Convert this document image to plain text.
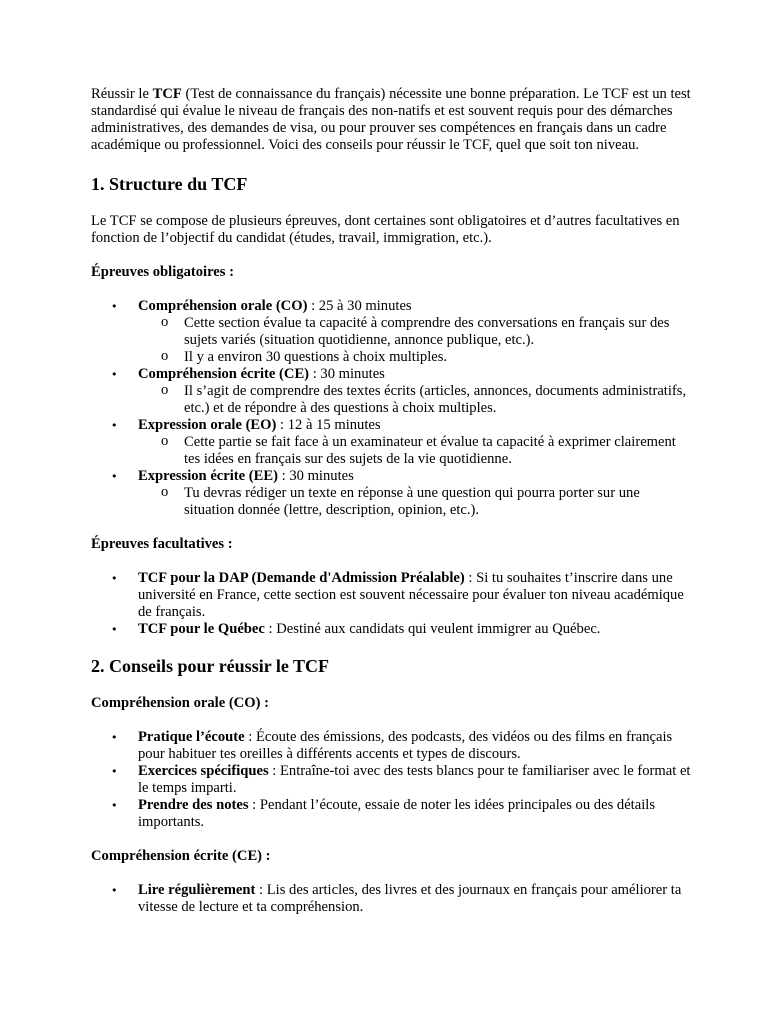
Réussir le TCF (Test de connaissance du français) nécessite une bonne préparation. Le TCF est un test standardisé qui évalue le niveau de français des non-natifs et est souvent requis pour des démarches administratives, des demandes de visa, ou pour prouver ses compétences en français dans un cadre académique ou professionnel. Voici des conseils pour réussir le TCF, quel que soit ton niveau.

1. Structure du TCF

Le TCF se compose de plusieurs épreuves, dont certaines sont obligatoires et d’autres facultatives en fonction de l’objectif du candidat (études, travail, immigration, etc.).

Épreuves obligatoires :

• Compréhension orale (CO) : 25 à 30 minutes
o Cette section évalue ta capacité à comprendre des conversations en français sur des sujets variés (situation quotidienne, annonce publique, etc.).
o Il y a environ 30 questions à choix multiples.
• Compréhension écrite (CE) : 30 minutes
o Il s’agit de comprendre des textes écrits (articles, annonces, documents administratifs, etc.) et de répondre à des questions à choix multiples.
• Expression orale (EO) : 12 à 15 minutes
o Cette partie se fait face à un examinateur et évalue ta capacité à exprimer clairement tes idées en français sur des sujets de la vie quotidienne.
• Expression écrite (EE) : 30 minutes
o Tu devras rédiger un texte en réponse à une question qui pourra porter sur une situation donnée (lettre, description, opinion, etc.).

Épreuves facultatives :

• TCF pour la DAP (Demande d'Admission Préalable) : Si tu souhaites t’inscrire dans une université en France, cette section est souvent nécessaire pour évaluer ton niveau académique de français.
• TCF pour le Québec : Destiné aux candidats qui veulent immigrer au Québec.
2. Conseils pour réussir le TCF

Compréhension orale (CO) :

• Pratique l’écoute : Écoute des émissions, des podcasts, des vidéos ou des films en français pour habituer tes oreilles à différents accents et types de discours.
• Exercices spécifiques : Entraîne-toi avec des tests blancs pour te familiariser avec le format et le temps imparti.
• Prendre des notes : Pendant l’écoute, essaie de noter les idées principales ou des détails importants.

Compréhension écrite (CE) :

• Lire régulièrement : Lis des articles, des livres et des journaux en français pour améliorer ta vitesse de lecture et ta compréhension.
